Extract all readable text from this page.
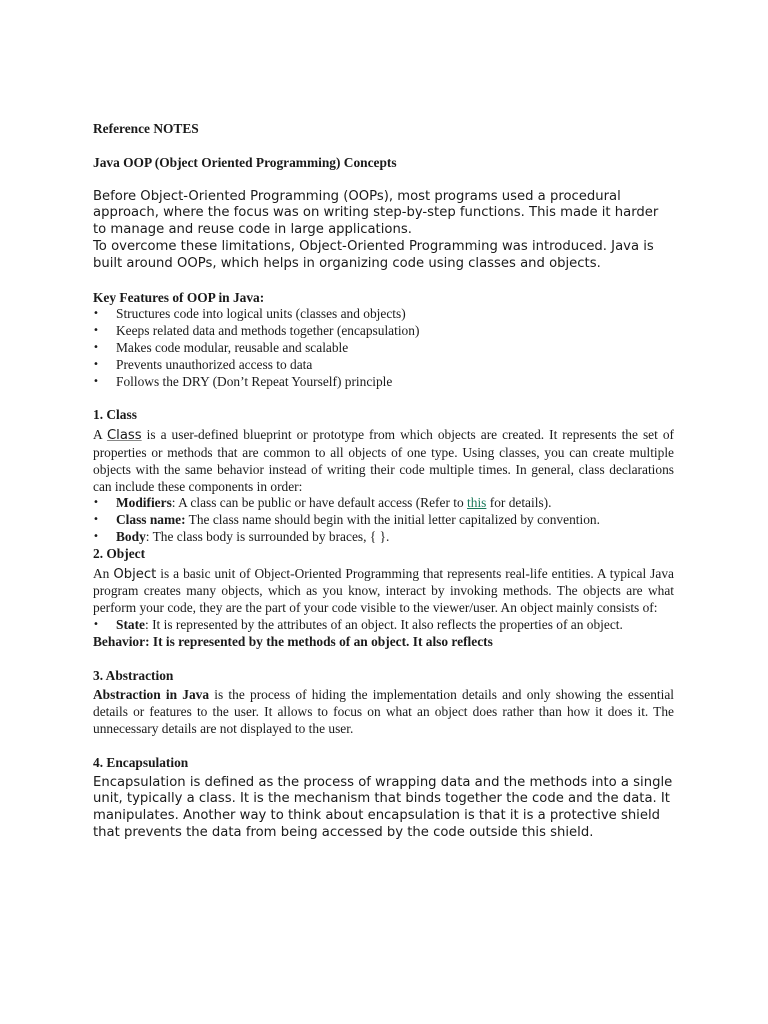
Reference NOTES

Java OOP (Object Oriented Programming) Concepts

Before Object-Oriented Programming (OOPs), most programs used a procedural approach, where the focus was on writing step-by-step functions. This made it harder to manage and reuse code in large applications.

To overcome these limitations, Object-Oriented Programming was introduced. Java is built around OOPs, which helps in organizing code using classes and objects.

Key Features of OOP in Java:

• Structures code into logical units (classes and objects)
• Keeps related data and methods together (encapsulation)
• Makes code modular, reusable and scalable
• Prevents unauthorized access to data
• Follows the DRY (Don’t Repeat Yourself) principle

1. Class

A Class is a user-defined blueprint or prototype from which objects are created. It represents the set of properties or methods that are common to all objects of one type. Using classes, you can create multiple objects with the same behavior instead of writing their code multiple times. In general, class declarations can include these components in order:

• Modifiers: A class can be public or have default access (Refer to this for details).
• Class name: The class name should begin with the initial letter capitalized by convention.
• Body: The class body is surrounded by braces, { }.

2. Object

An Object is a basic unit of Object-Oriented Programming that represents real-life entities. A typical Java program creates many objects, which as you know, interact by invoking methods. The objects are what perform your code, they are the part of your code visible to the viewer/user. An object mainly consists of:

• State: It is represented by the attributes of an object. It also reflects the properties of an object.

Behavior: It is represented by the methods of an object. It also reflects

3. Abstraction

Abstraction in Java is the process of hiding the implementation details and only showing the essential details or features to the user. It allows to focus on what an object does rather than how it does it. The unnecessary details are not displayed to the user.

4. Encapsulation

Encapsulation is defined as the process of wrapping data and the methods into a single unit, typically a class. It is the mechanism that binds together the code and the data. It manipulates. Another way to think about encapsulation is that it is a protective shield that prevents the data from being accessed by the code outside this shield.
